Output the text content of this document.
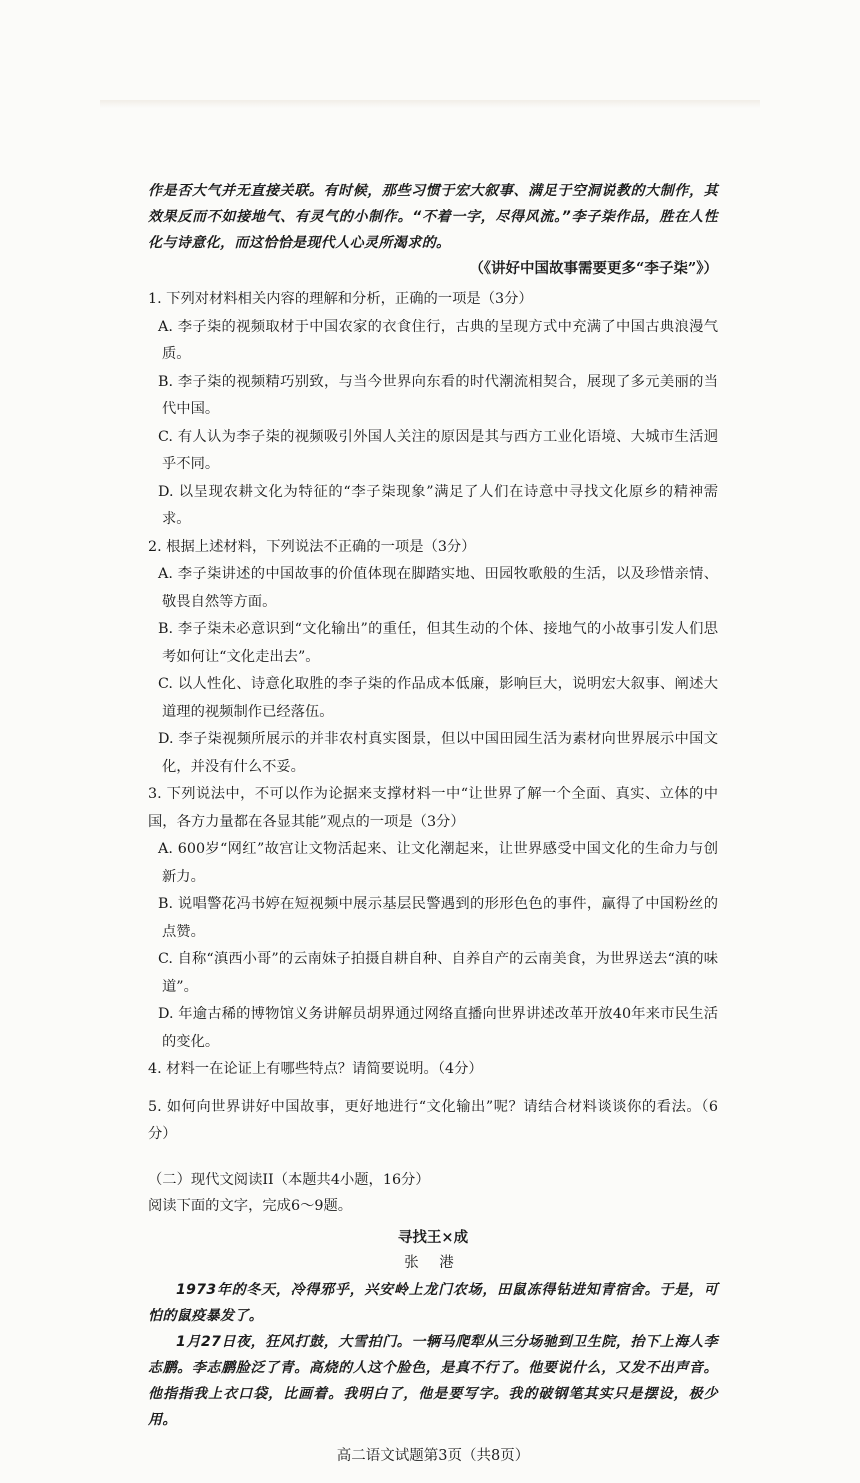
作是否大气并无直接关联。有时候，那些习惯于宏大叙事、满足于空洞说教的大制作，其效果反而不如接地气、有灵气的小制作。“不着一字，尽得风流。”李子柒作品，胜在人性化与诗意化，而这恰恰是现代人心灵所渴求的。

（《讲好中国故事需要更多“李子柒”》）

1. 下列对材料相关内容的理解和分析，正确的一项是（3分）

A. 李子柒的视频取材于中国农家的衣食住行，古典的呈现方式中充满了中国古典浪漫气质。

B. 李子柒的视频精巧别致，与当今世界向东看的时代潮流相契合，展现了多元美丽的当代中国。

C. 有人认为李子柒的视频吸引外国人关注的原因是其与西方工业化语境、大城市生活迥乎不同。

D. 以呈现农耕文化为特征的“李子柒现象”满足了人们在诗意中寻找文化原乡的精神需求。

2. 根据上述材料，下列说法不正确的一项是（3分）

A. 李子柒讲述的中国故事的价值体现在脚踏实地、田园牧歌般的生活，以及珍惜亲情、敬畏自然等方面。

B. 李子柒未必意识到“文化输出”的重任，但其生动的个体、接地气的小故事引发人们思考如何让“文化走出去”。

C. 以人性化、诗意化取胜的李子柒的作品成本低廉，影响巨大，说明宏大叙事、阐述大道理的视频制作已经落伍。

D. 李子柒视频所展示的并非农村真实图景，但以中国田园生活为素材向世界展示中国文化，并没有什么不妥。

3. 下列说法中，不可以作为论据来支撑材料一中“让世界了解一个全面、真实、立体的中国，各方力量都在各显其能”观点的一项是（3分）

A. 600岁“网红”故宫让文物活起来、让文化潮起来，让世界感受中国文化的生命力与创新力。

B. 说唱警花冯书婷在短视频中展示基层民警遇到的形形色色的事件，赢得了中国粉丝的点赞。

C. 自称“滇西小哥”的云南妹子拍摄自耕自种、自养自产的云南美食，为世界送去“滇的味道”。

D. 年逾古稀的博物馆义务讲解员胡界通过网络直播向世界讲述改革开放40年来市民生活的变化。

4. 材料一在论证上有哪些特点？请简要说明。（4分）

5. 如何向世界讲好中国故事，更好地进行“文化输出”呢？请结合材料谈谈你的看法。（6分）

（二）现代文阅读II（本题共4小题，16分）

阅读下面的文字，完成6～9题。

寻找王×成

张 港

1973年的冬天，冷得邪乎，兴安岭上龙门农场，田鼠冻得钻进知青宿舍。于是，可怕的鼠疫暴发了。

1月27日夜，狂风打鼓，大雪拍门。一辆马爬犁从三分场驰到卫生院，抬下上海人李志鹏。李志鹏脸泛了青。高烧的人这个脸色，是真不行了。他要说什么，又发不出声音。他指指我上衣口袋，比画着。我明白了，他是要写字。我的破钢笔其实只是摆设，极少用。

高二语文试题第3页（共8页）
